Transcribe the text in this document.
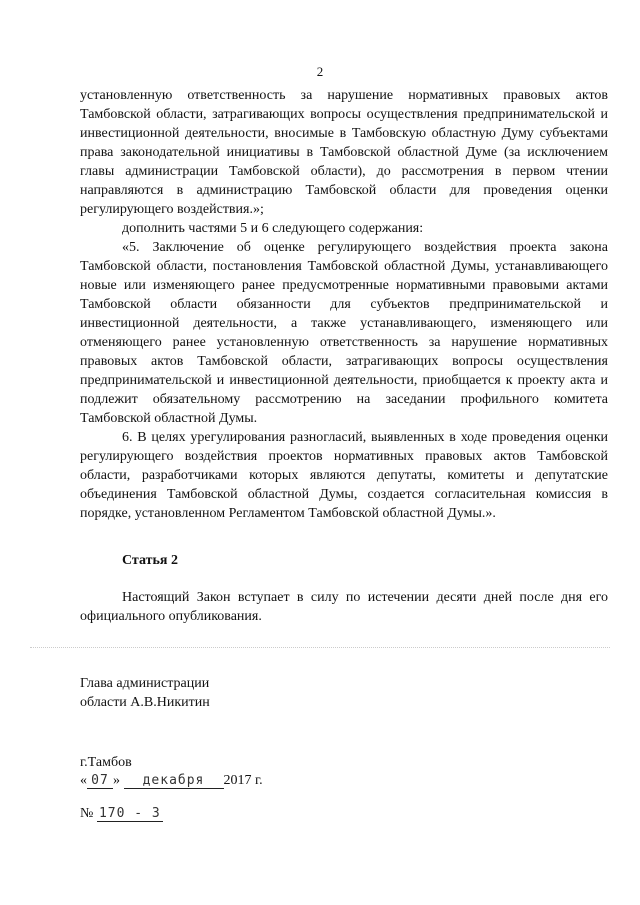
2

установленную ответственность за нарушение нормативных правовых актов Тамбовской области, затрагивающих вопросы осуществления предпринимательской и инвестиционной деятельности, вносимые в Тамбовскую областную Думу субъектами права законодательной инициативы в Тамбовской областной Думе (за исключением главы администрации Тамбовской области), до рассмотрения в первом чтении направляются в администрацию Тамбовской области для проведения оценки регулирующего воздействия.»;

дополнить частями 5 и 6 следующего содержания:

«5. Заключение об оценке регулирующего воздействия проекта закона Тамбовской области, постановления Тамбовской областной Думы, устанавливающего новые или изменяющего ранее предусмотренные нормативными правовыми актами Тамбовской области обязанности для субъектов предпринимательской и инвестиционной деятельности, а также устанавливающего, изменяющего или отменяющего ранее установленную ответственность за нарушение нормативных правовых актов Тамбовской области, затрагивающих вопросы осуществления предпринимательской и инвестиционной деятельности, приобщается к проекту акта и подлежит обязательному рассмотрению на заседании профильного комитета Тамбовской областной Думы.

6. В целях урегулирования разногласий, выявленных в ходе проведения оценки регулирующего воздействия проектов нормативных правовых актов Тамбовской области, разработчиками которых являются депутаты, комитеты и депутатские объединения Тамбовской областной Думы, создается согласительная комиссия в порядке, установленном Регламентом Тамбовской областной Думы.».

Статья 2
Настоящий Закон вступает в силу по истечении десяти дней после дня его официального опубликования.
Глава администрации
области А.В.Никитин
г.Тамбов
« 07 » декабря 2017 г.
№ 170 - З
